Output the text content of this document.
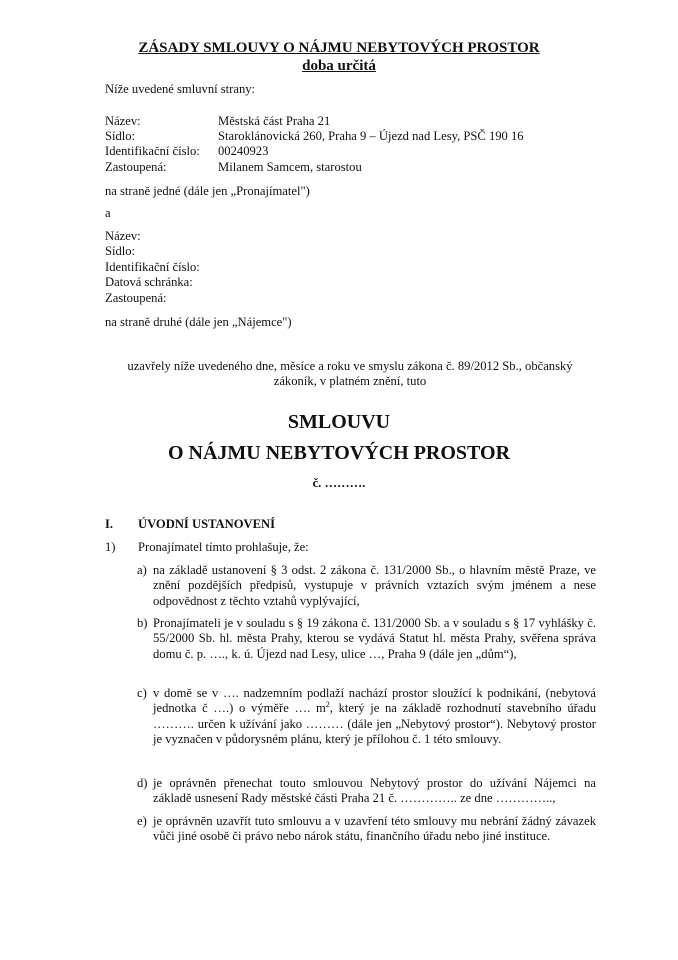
ZÁSADY SMLOUVY O NÁJMU NEBYTOVÝCH PROSTOR
doba určitá
Níže uvedené smluvní strany:
Název:	Městská část Praha 21
Sídlo:	Staroklánovická 260, Praha 9 – Újezd nad Lesy, PSČ 190 16
Identifikační číslo: 00240923
Zastoupená:	Milanem Samcem, starostou
na straně jedné (dále jen „Pronajímatel")
a
Název:
Sídlo:
Identifikační číslo:
Datová schránka:
Zastoupená:
na straně druhé (dále jen „Nájemce")
uzavřely níže uvedeného dne, měsíce a roku ve smyslu zákona č. 89/2012 Sb., občanský
zákoník, v platném znění, tuto
SMLOUVU
O NÁJMU NEBYTOVÝCH PROSTOR
č. ……….
I. ÚVODNÍ USTANOVENÍ
1) Pronajímatel tímto prohlašuje, že:
a) na základě ustanovení § 3 odst. 2 zákona č. 131/2000 Sb., o hlavním městě Praze, ve znění pozdějších předpisů, vystupuje v právních vztazích svým jménem a nese odpovědnost z těchto vztahů vyplývající,
b) Pronajímateli je v souladu s § 19 zákona č. 131/2000 Sb. a v souladu s § 17 vyhlášky č. 55/2000 Sb. hl. města Prahy, kterou se vydává Statut hl. města Prahy, svěřena správa domu č. p. …., k. ú. Újezd nad Lesy, ulice …, Praha 9 (dále jen „dům“),
c) v domě se v …. nadzemním podlaží nachází prostor sloužící k podnikání, (nebytová jednotka č ….) o výměře …. $m^2$, který je na základě rozhodnutí stavebního úřadu ………. určen k užívání jako ……… (dále jen „Nebytový prostor“). Nebytový prostor je vyznačen v půdorysném plánu, který je přílohou č. 1 této smlouvy.
d) je oprávněn přenechat touto smlouvou Nebytový prostor do užívání Nájemci na základě usnesení Rady městské části Praha 21 č. ………….. ze dne …………..,
e) je oprávněn uzavřít tuto smlouvu a v uzavření této smlouvy mu nebrání žádný závazek vůči jiné osobě či právo nebo nárok státu, finančního úřadu nebo jiné instituce.
